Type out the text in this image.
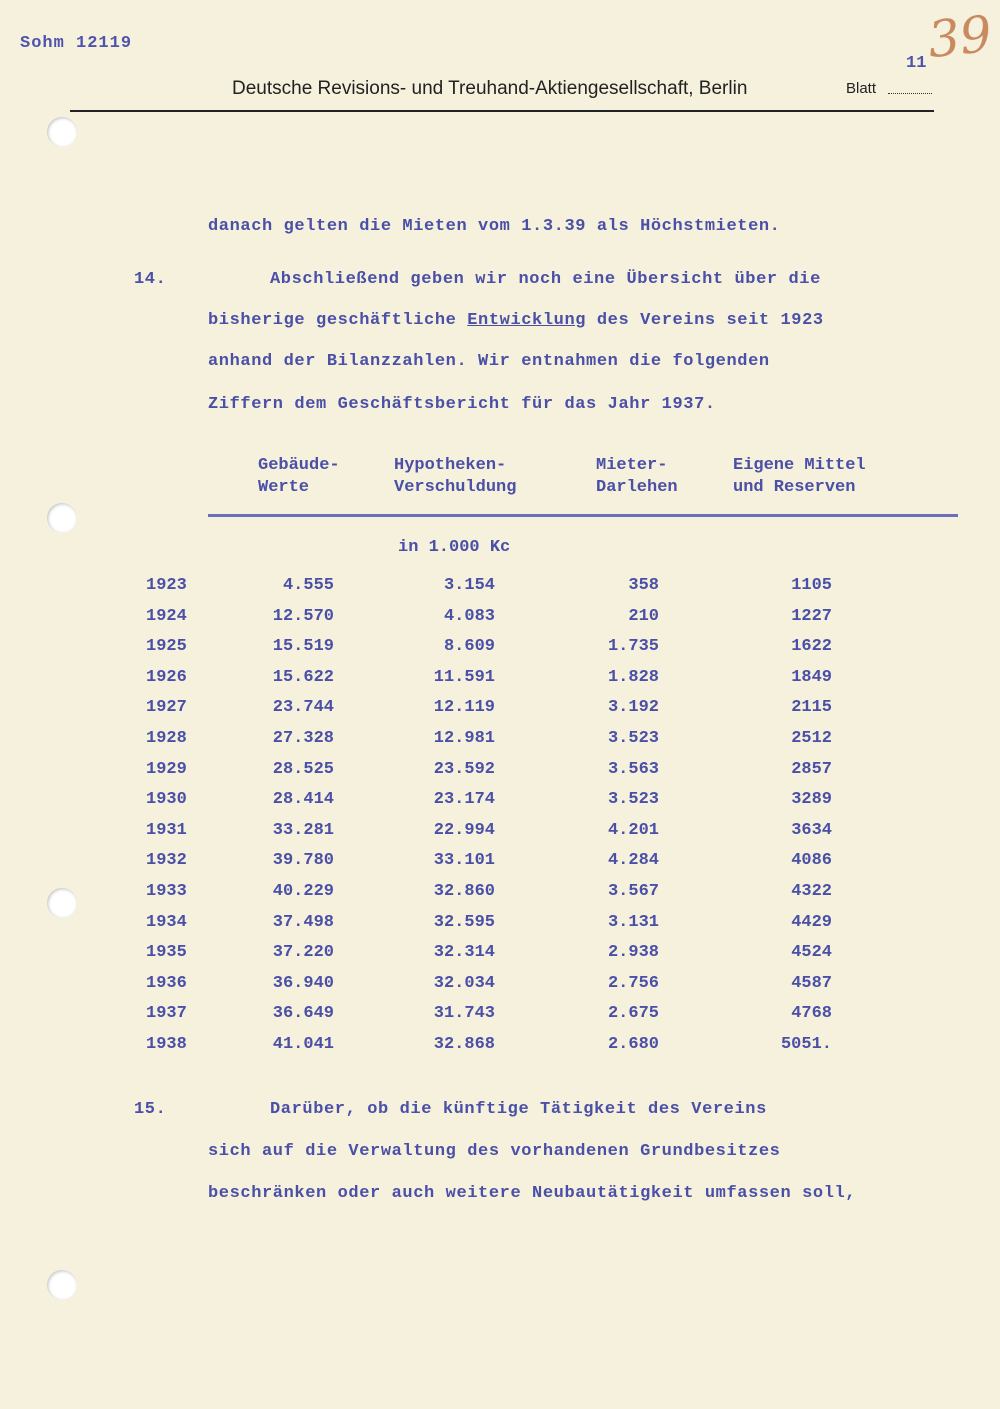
Sohm 12119	39
11
Deutsche Revisions- und Treuhand-Aktiengesellschaft, Berlin	Blatt
danach gelten die Mieten vom 1.3.39 als Höchstmieten.
14.	Abschließend geben wir noch eine Übersicht über die
bisherige geschäftliche Entwicklung des Vereins seit 1923
anhand der Bilanzzahlen. Wir entnahmen die folgenden
Ziffern dem Geschäftsbericht für das Jahr 1937.
Gebäude-
Werte
Hypotheken-
Verschuldung
Mieter-
Darlehen
Eigene Mittel
und Reserven
in 1.000 Kc
1923	4.555	3.154	358	1105
1924	12.570	4.083	210	1227
1925	15.519	8.609	1.735	1622
1926	15.622	11.591	1.828	1849
1927	23.744	12.119	3.192	2115
1928	27.328	12.981	3.523	2512
1929	28.525	23.592	3.563	2857
1930	28.414	23.174	3.523	3289
1931	33.281	22.994	4.201	3634
1932	39.780	33.101	4.284	4086
1933	40.229	32.860	3.567	4322
1934	37.498	32.595	3.131	4429
1935	37.220	32.314	2.938	4524
1936	36.940	32.034	2.756	4587
1937	36.649	31.743	2.675	4768
1938	41.041	32.868	2.680	5051.
15.	Darüber, ob die künftige Tätigkeit des Vereins
sich auf die Verwaltung des vorhandenen Grundbesitzes
beschränken oder auch weitere Neubautätigkeit umfassen soll,
